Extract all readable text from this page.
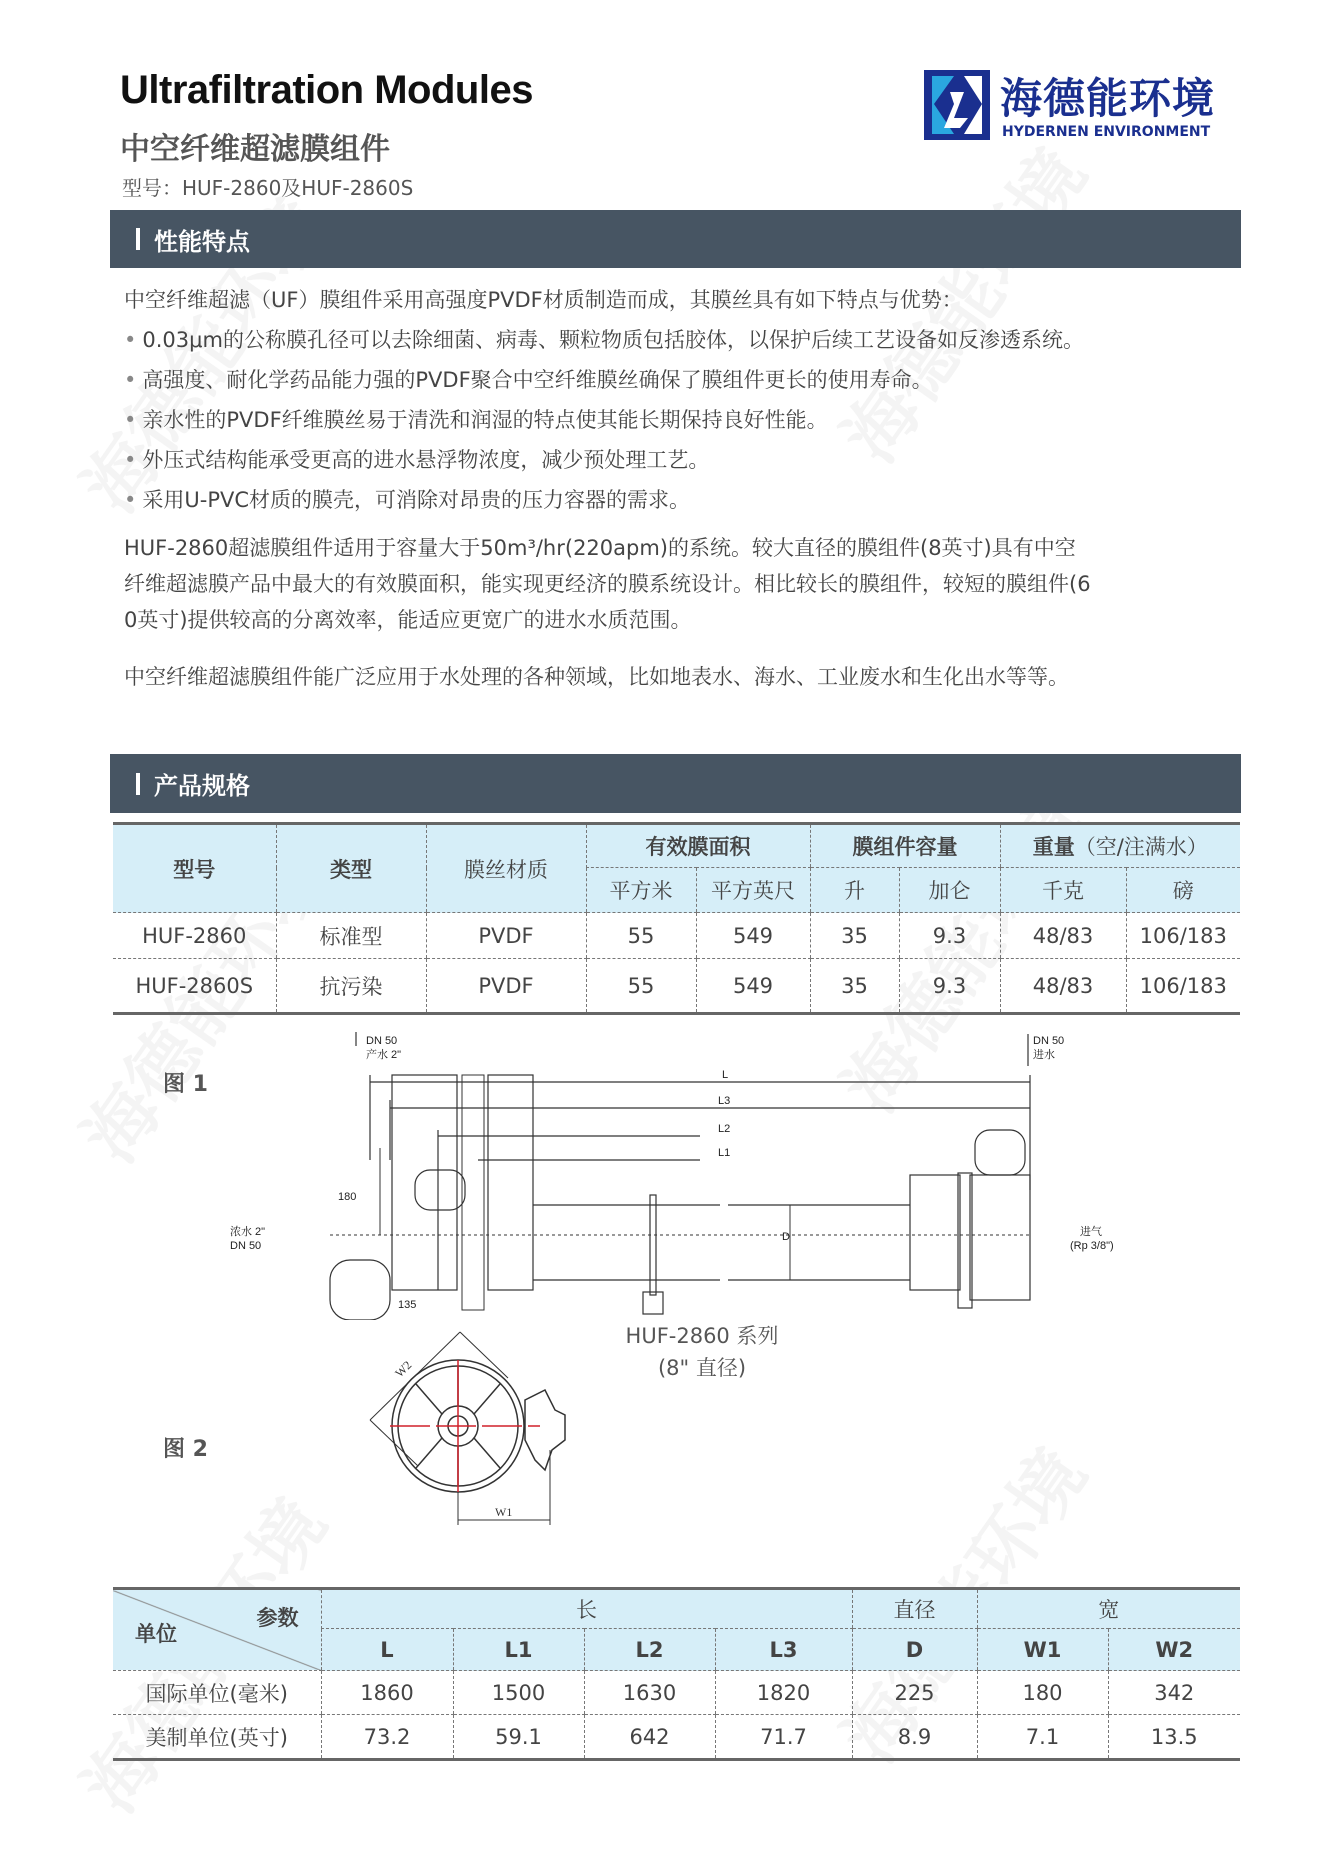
Ultrafiltration Modules
中空纤维超滤膜组件
型号：HUF-2860及HUF-2860S
海德能环境
HYDERNEN ENVIRONMENT
性能特点
中空纤维超滤（UF）膜组件采用高强度PVDF材质制造而成，其膜丝具有如下特点与优势：
• 0.03μm的公称膜孔径可以去除细菌、病毒、颗粒物质包括胶体，以保护后续工艺设备如反渗透系统。
• 高强度、耐化学药品能力强的PVDF聚合中空纤维膜丝确保了膜组件更长的使用寿命。
• 亲水性的PVDF纤维膜丝易于清洗和润湿的特点使其能长期保持良好性能。
• 外压式结构能承受更高的进水悬浮物浓度，减少预处理工艺。
• 采用U-PVC材质的膜壳，可消除对昂贵的压力容器的需求。
HUF-2860超滤膜组件适用于容量大于50m³/hr(220apm)的系统。较大直径的膜组件(8英寸)具有中空
纤维超滤膜产品中最大的有效膜面积，能实现更经济的膜系统设计。相比较长的膜组件，较短的膜组件(6
0英寸)提供较高的分离效率，能适应更宽广的进水水质范围。
中空纤维超滤膜组件能广泛应用于水处理的各种领域，比如地表水、海水、工业废水和生化出水等等。
产品规格
型号	类型	膜丝材质	有效膜面积		膜组件容量		重量（空/注满水）	
			平方米	平方英尺	升	加仑	千克	磅
HUF-2860	标准型	PVDF	55	549	35	9.3	48/83	106/183
HUF-2860S	抗污染	PVDF	55	549	35	9.3	48/83	106/183
图 1
DN 50
产水 2"
DN 50
进水
浓水 2"
DN 50
进气
(Rp 3/8")
L
L3
L2
L1
D
180
135
HUF-2860 系列
(8" 直径)
图 2
W2
W1
参数
单位	长				直径	宽	
	L	L1	L2	L3	D	W1	W2
国际单位(毫米)	1860	1500	1630	1820	225	180	342
美制单位(英寸)	73.2	59.1	642	71.7	8.9	7.1	13.5
